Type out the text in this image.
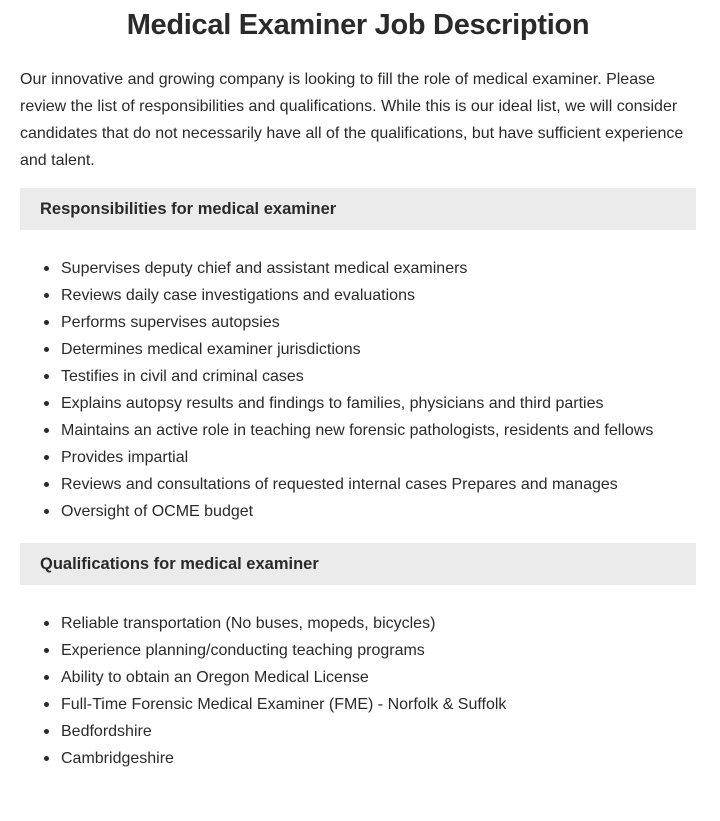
Medical Examiner Job Description

Our innovative and growing company is looking to fill the role of medical examiner. Please review the list of responsibilities and qualifications. While this is our ideal list, we will consider candidates that do not necessarily have all of the qualifications, but have sufficient experience and talent.

Responsibilities for medical examiner
Supervises deputy chief and assistant medical examiners
Reviews daily case investigations and evaluations
Performs supervises autopsies
Determines medical examiner jurisdictions
Testifies in civil and criminal cases
Explains autopsy results and findings to families, physicians and third parties
Maintains an active role in teaching new forensic pathologists, residents and fellows
Provides impartial
Reviews and consultations of requested internal cases Prepares and manages
Oversight of OCME budget
Qualifications for medical examiner
Reliable transportation (No buses, mopeds, bicycles)
Experience planning/conducting teaching programs
Ability to obtain an Oregon Medical License
Full-Time Forensic Medical Examiner (FME) - Norfolk & Suffolk
Bedfordshire
Cambridgeshire
